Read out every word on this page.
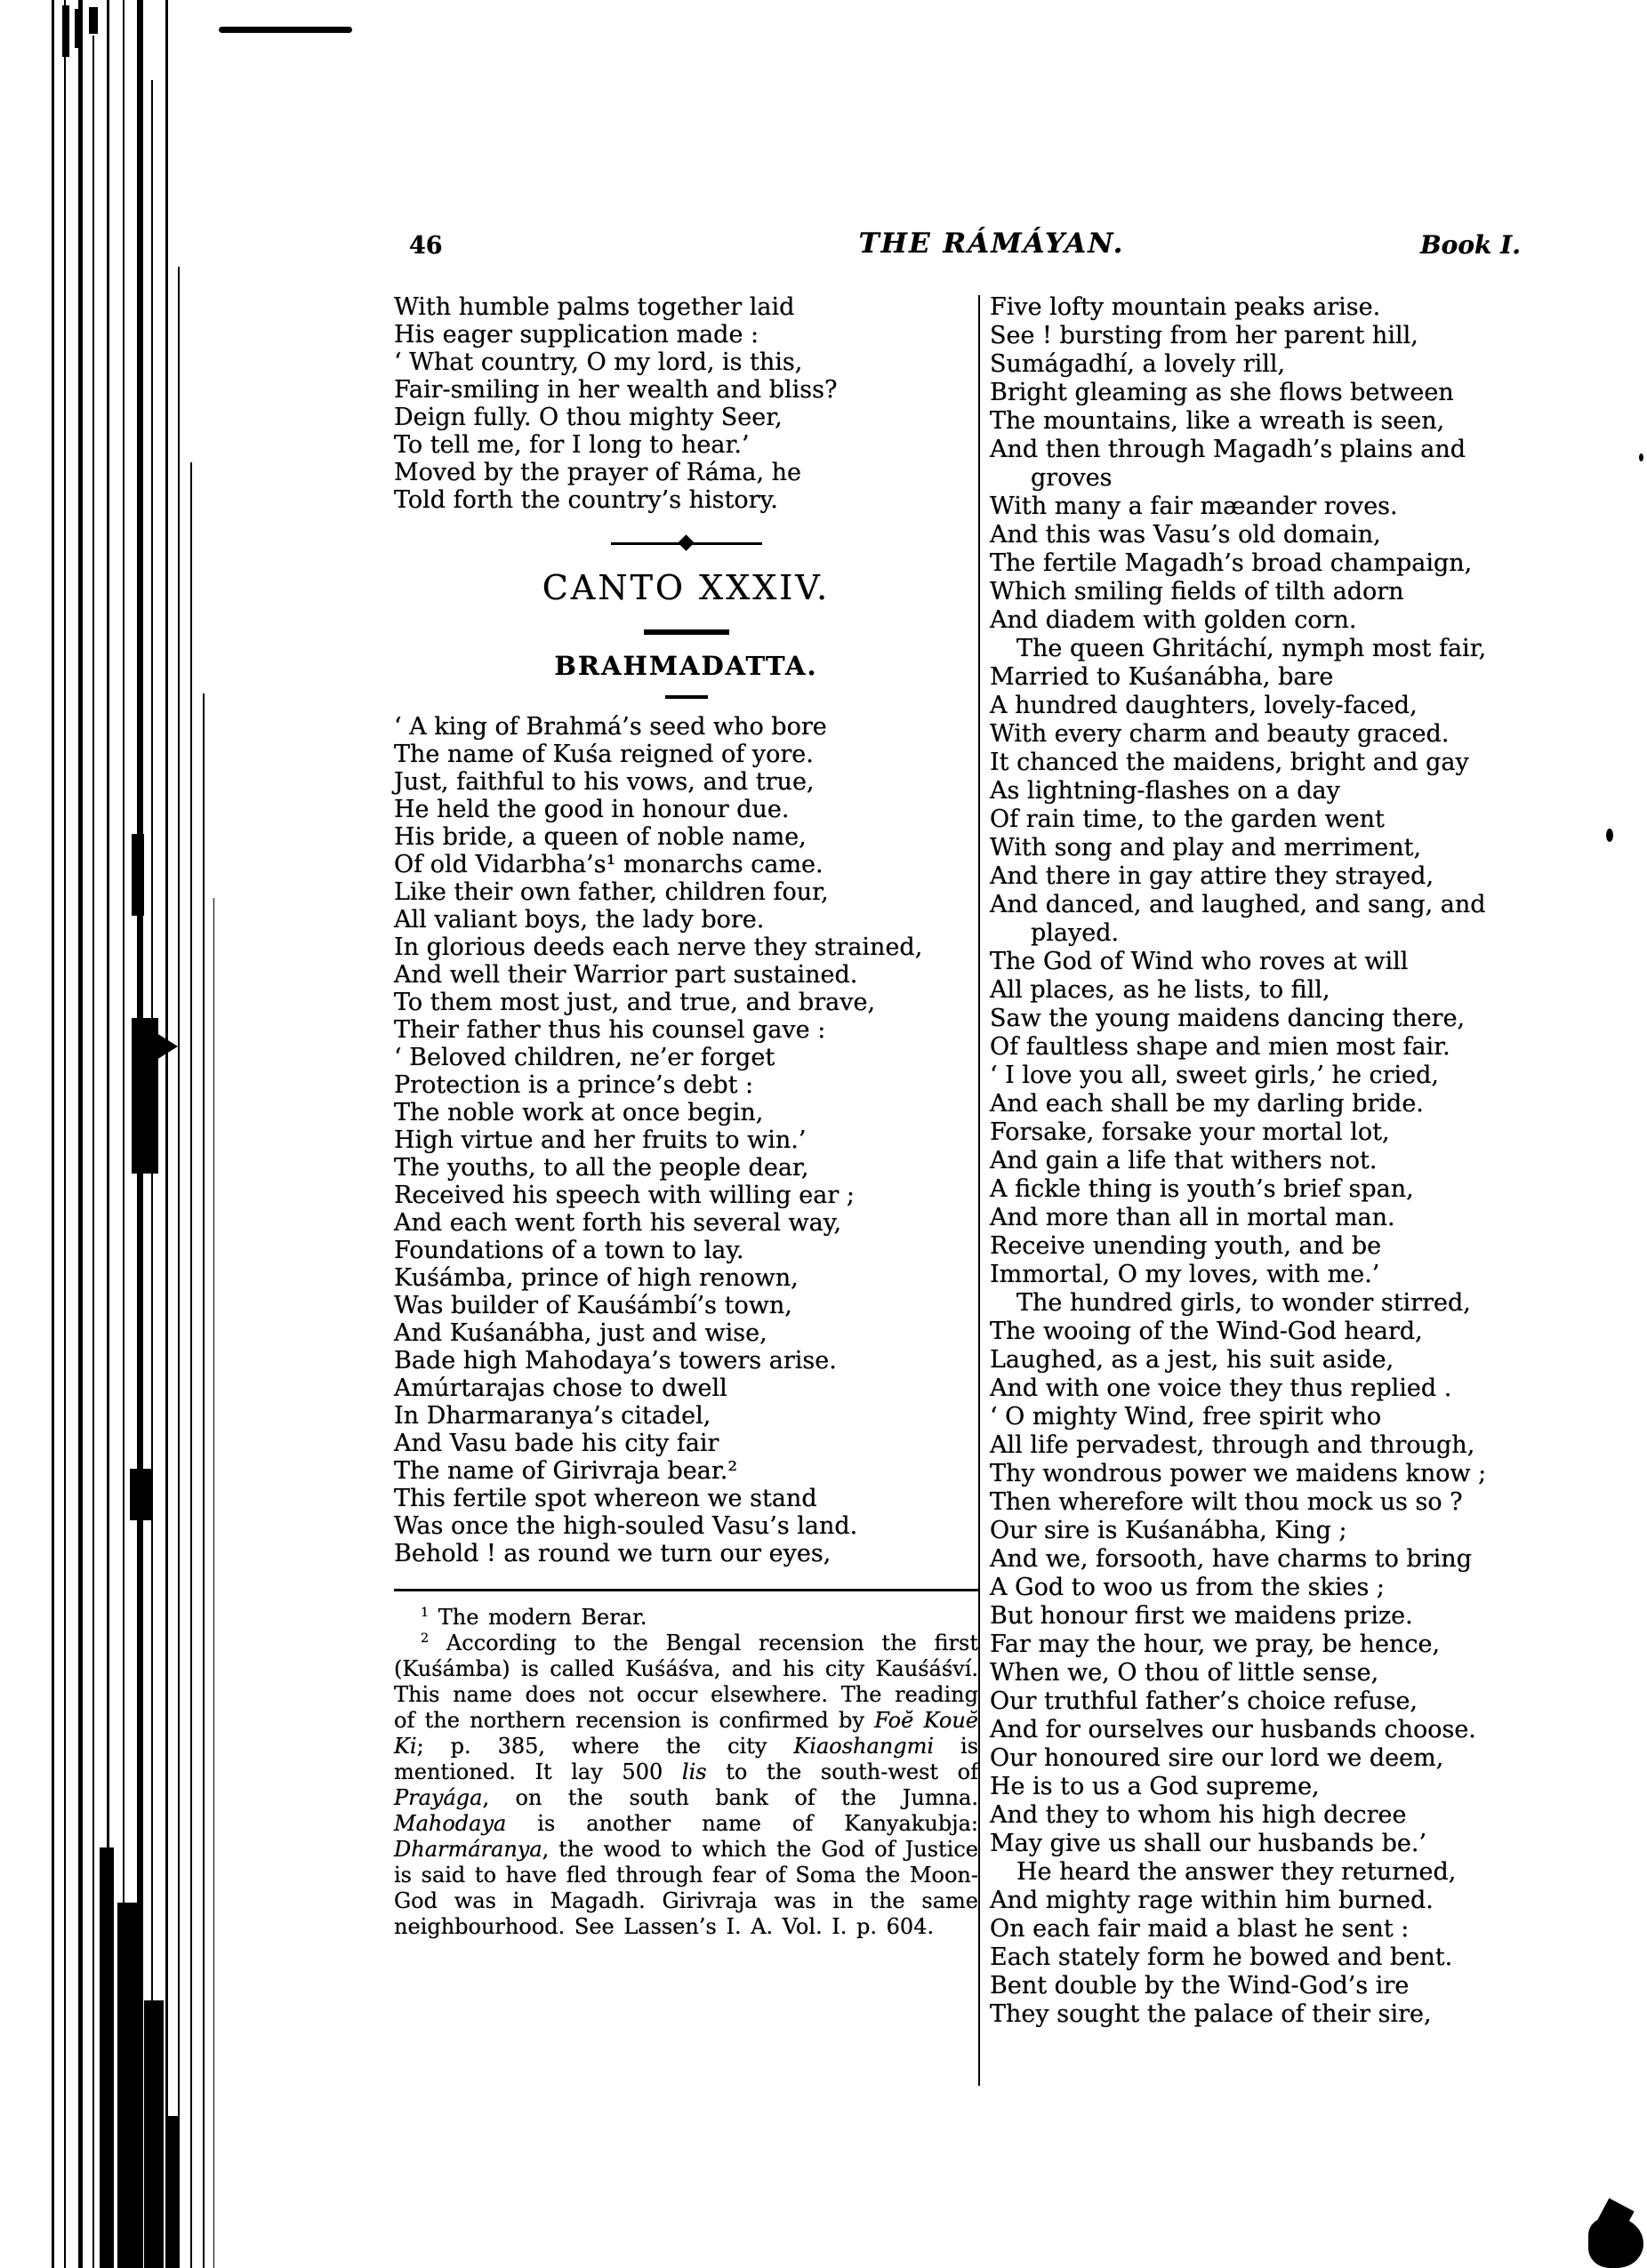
46	THE RÁMÁYAN.	Book I.
With humble palms together laid
His eager supplication made :
‘ What country, O my lord, is this,
Fair-smiling in her wealth and bliss?
Deign fully. O thou mighty Seer,
To tell me, for I long to hear.’
Moved by the prayer of Ráma, he
Told forth the country’s history.
CANTO XXXIV.
BRAHMADATTA.
‘ A king of Brahmá’s seed who bore
The name of Kuśa reigned of yore.
Just, faithful to his vows, and true,
He held the good in honour due.
His bride, a queen of noble name,
Of old Vidarbha’s¹ monarchs came.
Like their own father, children four,
All valiant boys, the lady bore.
In glorious deeds each nerve they strained,
And well their Warrior part sustained.
To them most just, and true, and brave,
Their father thus his counsel gave :
‘ Beloved children, ne’er forget
Protection is a prince’s debt :
The noble work at once begin,
High virtue and her fruits to win.’
The youths, to all the people dear,
Received his speech with willing ear ;
And each went forth his several way,
Foundations of a town to lay.
Kuśámba, prince of high renown,
Was builder of Kauśámbí’s town,
And Kuśanábha, just and wise,
Bade high Mahodaya’s towers arise.
Amúrtarajas chose to dwell
In Dharmaranya’s citadel,
And Vasu bade his city fair
The name of Girivraja bear.²
This fertile spot whereon we stand
Was once the high-souled Vasu’s land.
Behold ! as round we turn our eyes,

$^1$ The modern Berar.

$^2$ According to the Bengal recension the first (Kuśámba) is called Kuśáśva, and his city Kauśáśví. This name does not occur elsewhere. The reading of the northern recension is confirmed by Foĕ Kouĕ Ki; p. 385, where the city Kiaoshangmi is mentioned. It lay 500 lis to the south-west of Prayága, on the south bank of the Jumna. Mahodaya is another name of Kanyakubja: Dharmáranya, the wood to which the God of Justice is said to have fled through fear of Soma the Moon-God was in Magadh. Girivraja was in the same neighbourhood. See Lassen’s I. A. Vol. I. p. 604.

Five lofty mountain peaks arise.
See ! bursting from her parent hill,
Sumágadhí, a lovely rill,
Bright gleaming as she flows between
The mountains, like a wreath is seen,
And then through Magadh’s plains and
groves
With many a fair mæander roves.
And this was Vasu’s old domain,
The fertile Magadh’s broad champaign,
Which smiling fields of tilth adorn
And diadem with golden corn.
The queen Ghritáchí, nymph most fair,
Married to Kuśanábha, bare
A hundred daughters, lovely-faced,
With every charm and beauty graced.
It chanced the maidens, bright and gay
As lightning-flashes on a day
Of rain time, to the garden went
With song and play and merriment,
And there in gay attire they strayed,
And danced, and laughed, and sang, and
played.
The God of Wind who roves at will
All places, as he lists, to fill,
Saw the young maidens dancing there,
Of faultless shape and mien most fair.
‘ I love you all, sweet girls,’ he cried,
And each shall be my darling bride.
Forsake, forsake your mortal lot,
And gain a life that withers not.
A fickle thing is youth’s brief span,
And more than all in mortal man.
Receive unending youth, and be
Immortal, O my loves, with me.’
The hundred girls, to wonder stirred,
The wooing of the Wind-God heard,
Laughed, as a jest, his suit aside,
And with one voice they thus replied .
‘ O mighty Wind, free spirit who
All life pervadest, through and through,
Thy wondrous power we maidens know ;
Then wherefore wilt thou mock us so ?
Our sire is Kuśanábha, King ;
And we, forsooth, have charms to bring
A God to woo us from the skies ;
But honour first we maidens prize.
Far may the hour, we pray, be hence,
When we, O thou of little sense,
Our truthful father’s choice refuse,
And for ourselves our husbands choose.
Our honoured sire our lord we deem,
He is to us a God supreme,
And they to whom his high decree
May give us shall our husbands be.’
He heard the answer they returned,
And mighty rage within him burned.
On each fair maid a blast he sent :
Each stately form he bowed and bent.
Bent double by the Wind-God’s ire
They sought the palace of their sire,
